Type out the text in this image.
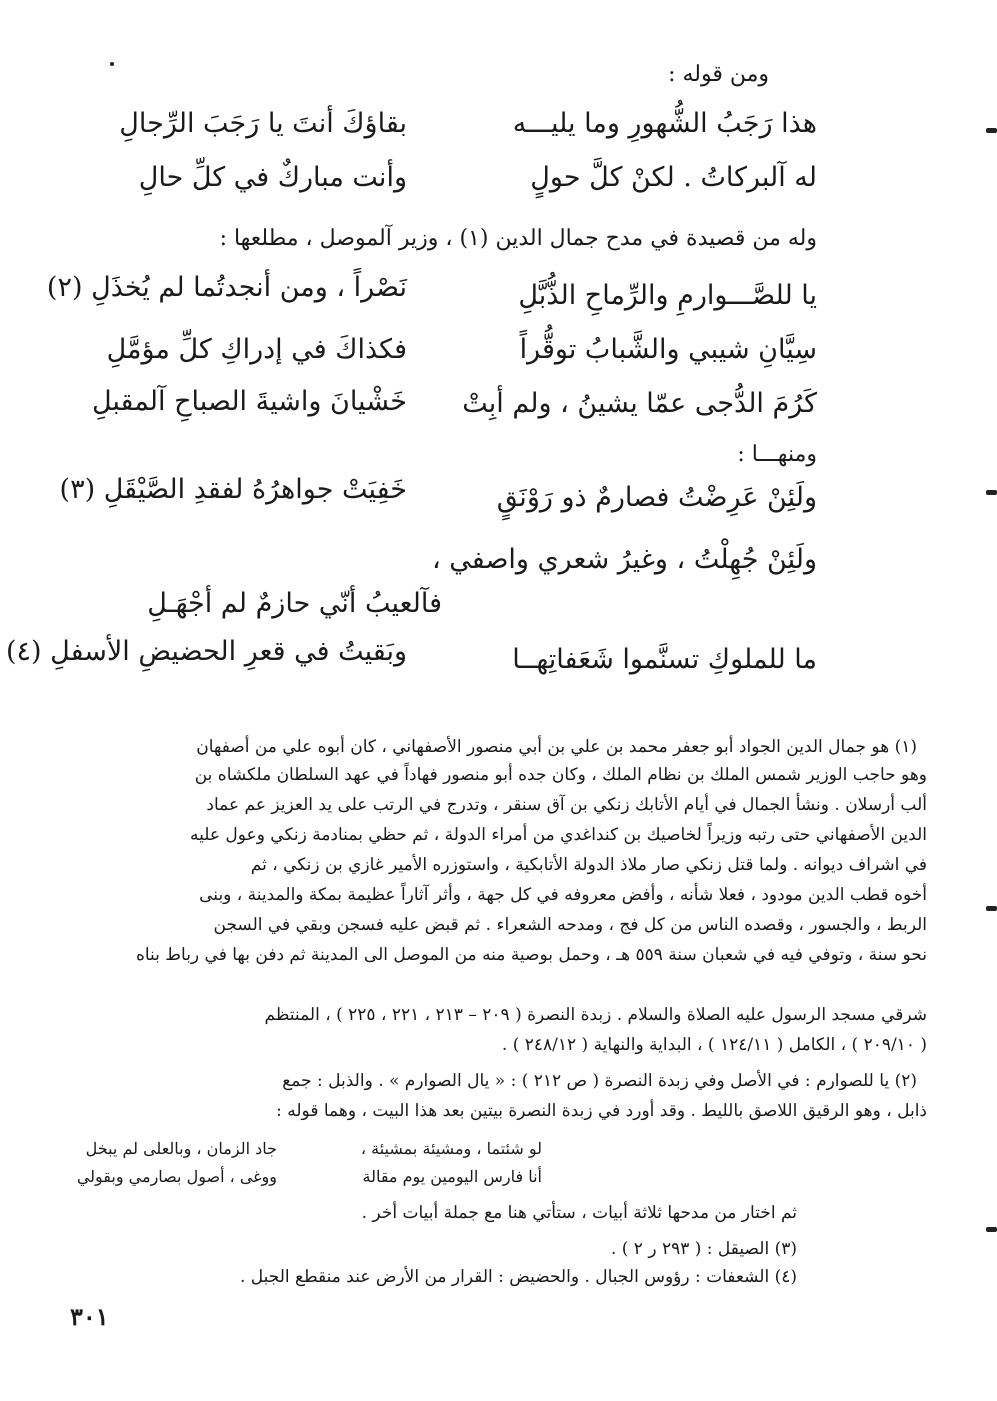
ومن قوله :
هذا رَجَبُ الشُّهورِ وما يليـــه
بقاؤكَ أنتَ يا رَجَبَ الرِّجالِ
له آلبركاتُ . لكنْ كلَّ حولٍ
وأنت مباركٌ في كلِّ حالِ
وله من قصيدة في مدح جمال الدين (١) ، وزير آلموصل ، مطلعها :
يا للصَّـــوارمِ والرِّماحِ الذُّبَّلِ
نَصْراً ، ومن أنجدتُما لم يُخذَلِ (٢)
سِيَّانِ شيبي والشَّبابُ توقُّراً
فكذاكَ في إدراكِ كلِّ مؤمَّلِ
كَرُمَ الدُّجى عمّا يشينُ ، ولم أبِتْ
خَشْيانَ واشيةَ الصباحِ آلمقبلِ
ومنهـــا :
ولَئِنْ عَرِضْتُ فصارمٌ ذو رَوْنَقٍ
خَفِيَتْ جواهرُهُ لفقدِ الصَّيْقَلِ (٣)
ولَئِنْ جُهِلْتُ ، وغيرُ شعري واصفي ،
فآلعيبُ أنّي حازمٌ لم أجْهَـلِ
ما للملوكِ تسنَّموا شَعَفاتِهــا
وبَقيتُ في قعرِ الحضيضِ الأسفلِ (٤)
(١) هو جمال الدين الجواد أبو جعفر محمد بن علي بن أبي منصور الأصفهاني ، كان أبوه علي من أصفهان
وهو حاجب الوزير شمس الملك بن نظام الملك ، وكان جده أبو منصور فهاداً في عهد السلطان ملكشاه بن
ألب أرسلان . ونشأ الجمال في أيام الأتابك زنكي بن آق سنقر ، وتدرج في الرتب على يد العزيز عم عماد
الدين الأصفهاني حتى رتبه وزيراً لخاصيك بن كنداغدي من أمراء الدولة ، ثم حظي بمنادمة زنكي وعول عليه
في اشراف ديوانه . ولما قتل زنكي صار ملاذ الدولة الأتابكية ، واستوزره الأمير غازي بن زنكي ، ثم
أخوه قطب الدين مودود ، فعلا شأنه ، وأفض معروفه في كل جهة ، وأثر آثاراً عظيمة بمكة والمدينة ، وبنى
الربط ، والجسور ، وقصده الناس من كل فج ، ومدحه الشعراء . ثم قبض عليه فسجن وبقي في السجن
نحو سنة ، وتوفي فيه في شعبان سنة ٥٥٩ هـ ، وحمل بوصية منه من الموصل الى المدينة ثم دفن بها في رباط بناه
شرقي مسجد الرسول عليه الصلاة والسلام . زبدة النصرة ( ٢٠٩ – ٢١٣ ، ٢٢١ ، ٢٢٥ ) ، المنتظم
( ٢٠٩/١٠ ) ، الكامل ( ١٢٤/١١ ) ، البداية والنهاية ( ٢٤٨/١٢ ) .
(٢) يا للصوارم : في الأصل وفي زبدة النصرة ( ص ٢١٢ ) : « يال الصوارم » . والذبل : جمع
ذابل ، وهو الرقيق اللاصق بالليط . وقد أورد في زبدة النصرة بيتين بعد هذا البيت ، وهما قوله :
لو شئتما ، ومشيئة بمشيئة ،
جاد الزمان ، وبالعلى لم يبخل
أنا فارس اليومين يوم مقالة
ووغى ، أصول بصارمي وبقولي
ثم اختار من مدحها ثلاثة أبيات ، ستأتي هنا مع جملة أبيات أخر .
(٣) الصيقل : ( ٢٩٣ ر ٢ ) .
(٤) الشعفات : رؤوس الجبال . والحضيض : القرار من الأرض عند منقطع الجبل .
٣٠١
